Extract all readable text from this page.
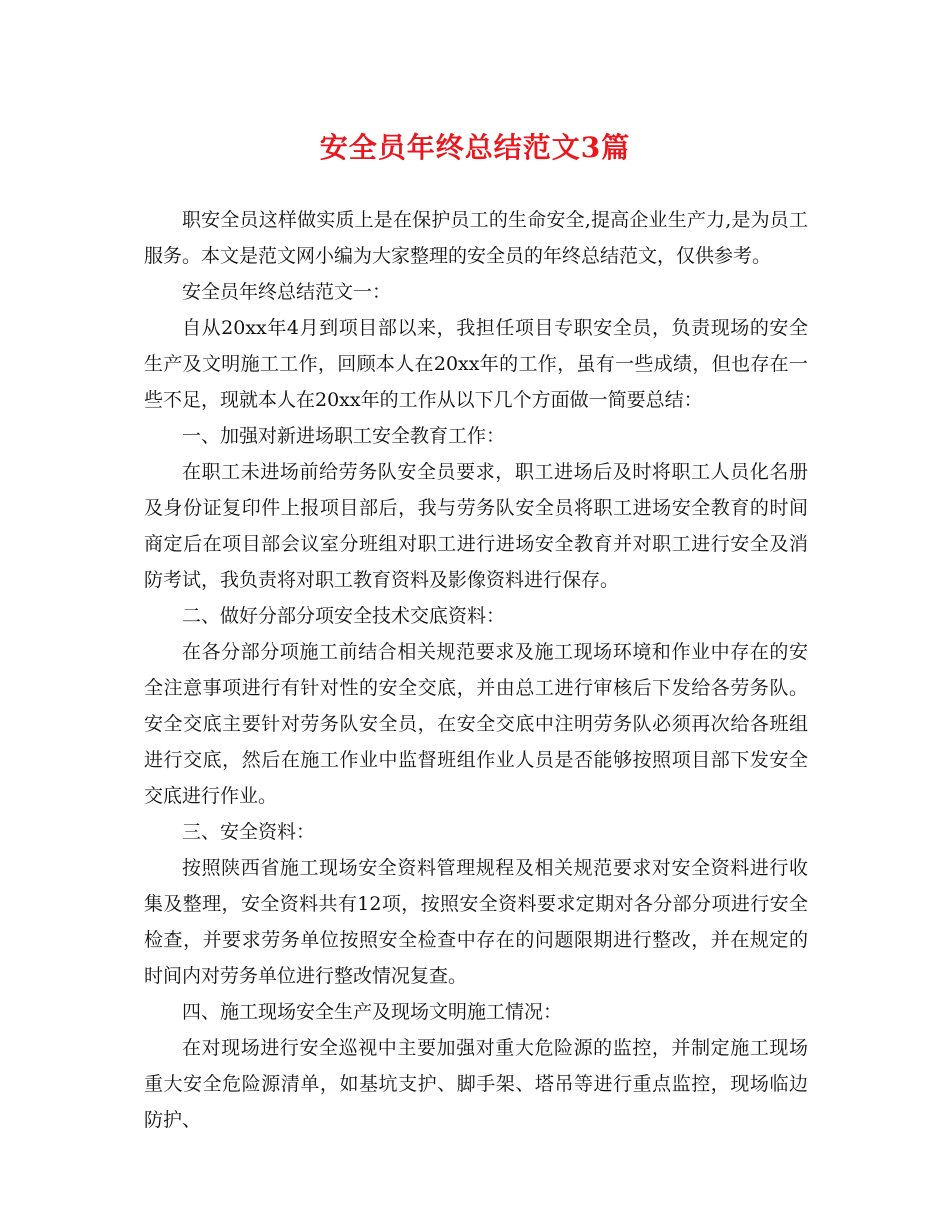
安全员年终总结范文3篇

职安全员这样做实质上是在保护员工的生命安全,提高企业生产力,是为员工服务。本文是范文网小编为大家整理的安全员的年终总结范文，仅供参考。

安全员年终总结范文一：

自从20xx年4月到项目部以来，我担任项目专职安全员，负责现场的安全生产及文明施工工作，回顾本人在20xx年的工作，虽有一些成绩，但也存在一些不足，现就本人在20xx年的工作从以下几个方面做一简要总结：

一、加强对新进场职工安全教育工作：

在职工未进场前给劳务队安全员要求，职工进场后及时将职工人员化名册及身份证复印件上报项目部后，我与劳务队安全员将职工进场安全教育的时间商定后在项目部会议室分班组对职工进行进场安全教育并对职工进行安全及消防考试，我负责将对职工教育资料及影像资料进行保存。

二、做好分部分项安全技术交底资料：

在各分部分项施工前结合相关规范要求及施工现场环境和作业中存在的安全注意事项进行有针对性的安全交底，并由总工进行审核后下发给各劳务队。安全交底主要针对劳务队安全员，在安全交底中注明劳务队必须再次给各班组进行交底，然后在施工作业中监督班组作业人员是否能够按照项目部下发安全交底进行作业。

三、安全资料：

按照陕西省施工现场安全资料管理规程及相关规范要求对安全资料进行收集及整理，安全资料共有12项，按照安全资料要求定期对各分部分项进行安全检查，并要求劳务单位按照安全检查中存在的问题限期进行整改，并在规定的时间内对劳务单位进行整改情况复查。

四、施工现场安全生产及现场文明施工情况：

在对现场进行安全巡视中主要加强对重大危险源的监控，并制定施工现场重大安全危险源清单，如基坑支护、脚手架、塔吊等进行重点监控，现场临边防护、
